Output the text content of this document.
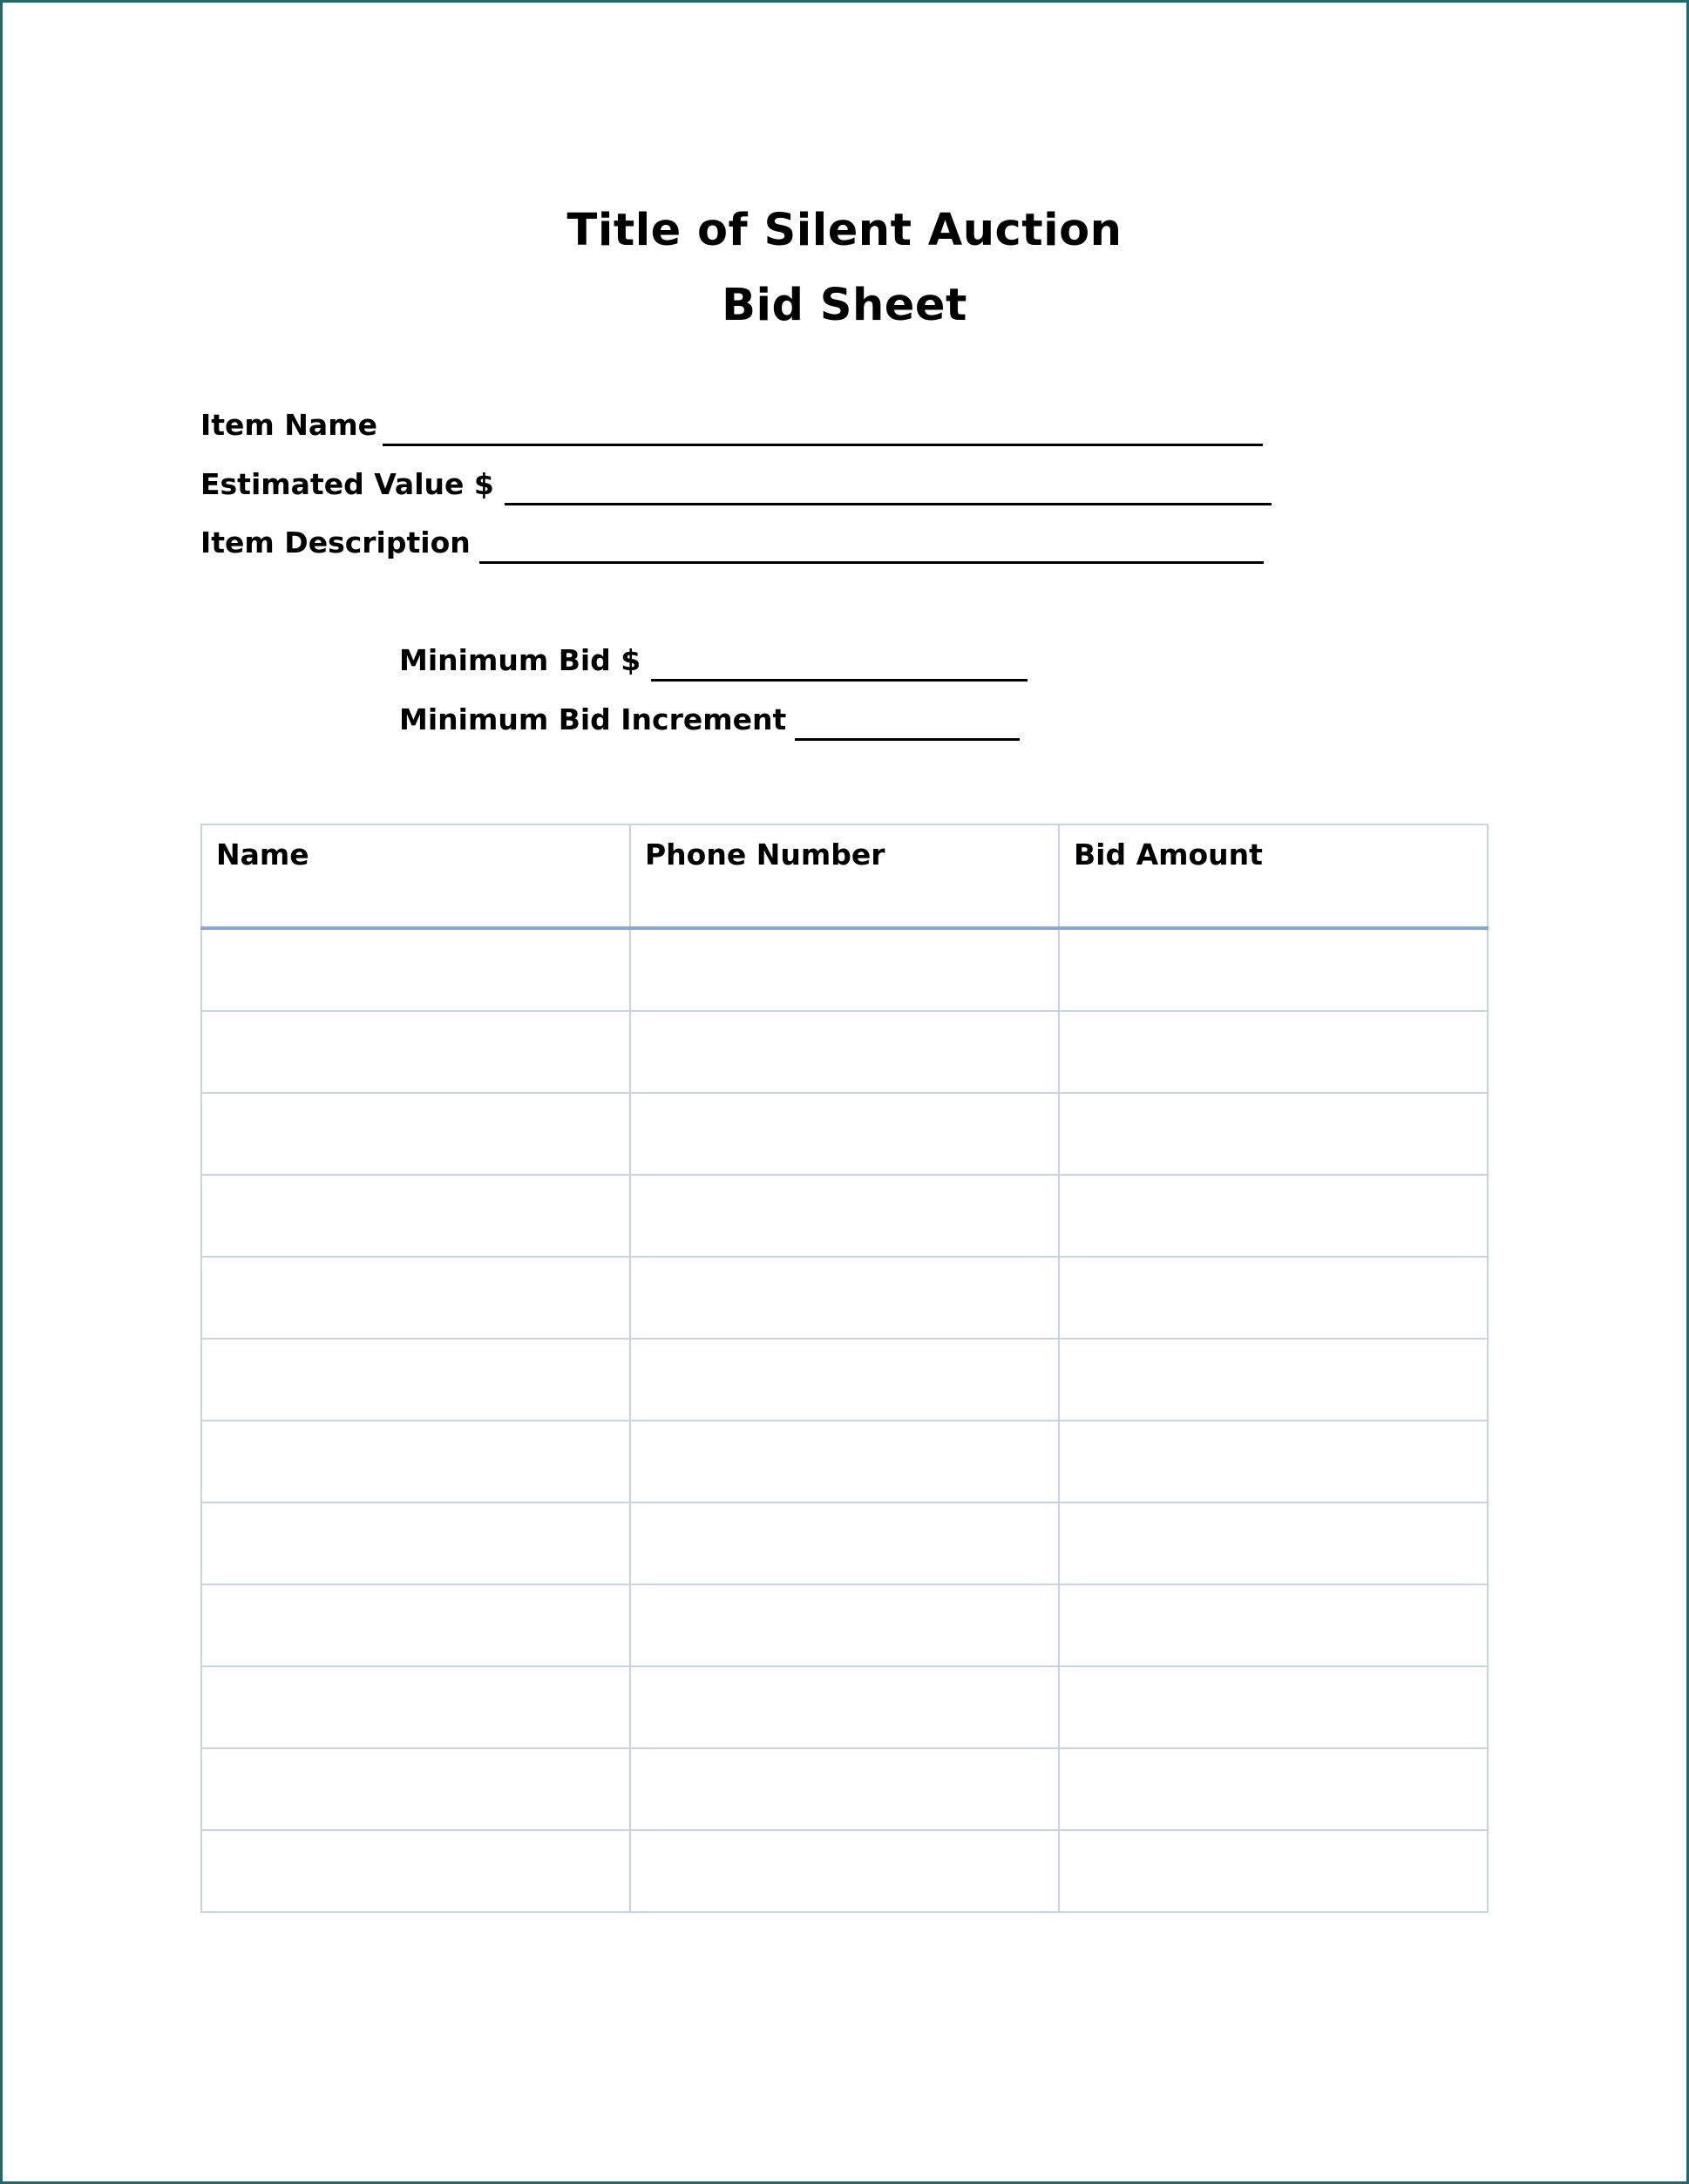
Title of Silent Auction

Bid Sheet

Item Name
Estimated Value $
Item Description
Minimum Bid $
Minimum Bid Increment
Name	Phone Number	Bid Amount
